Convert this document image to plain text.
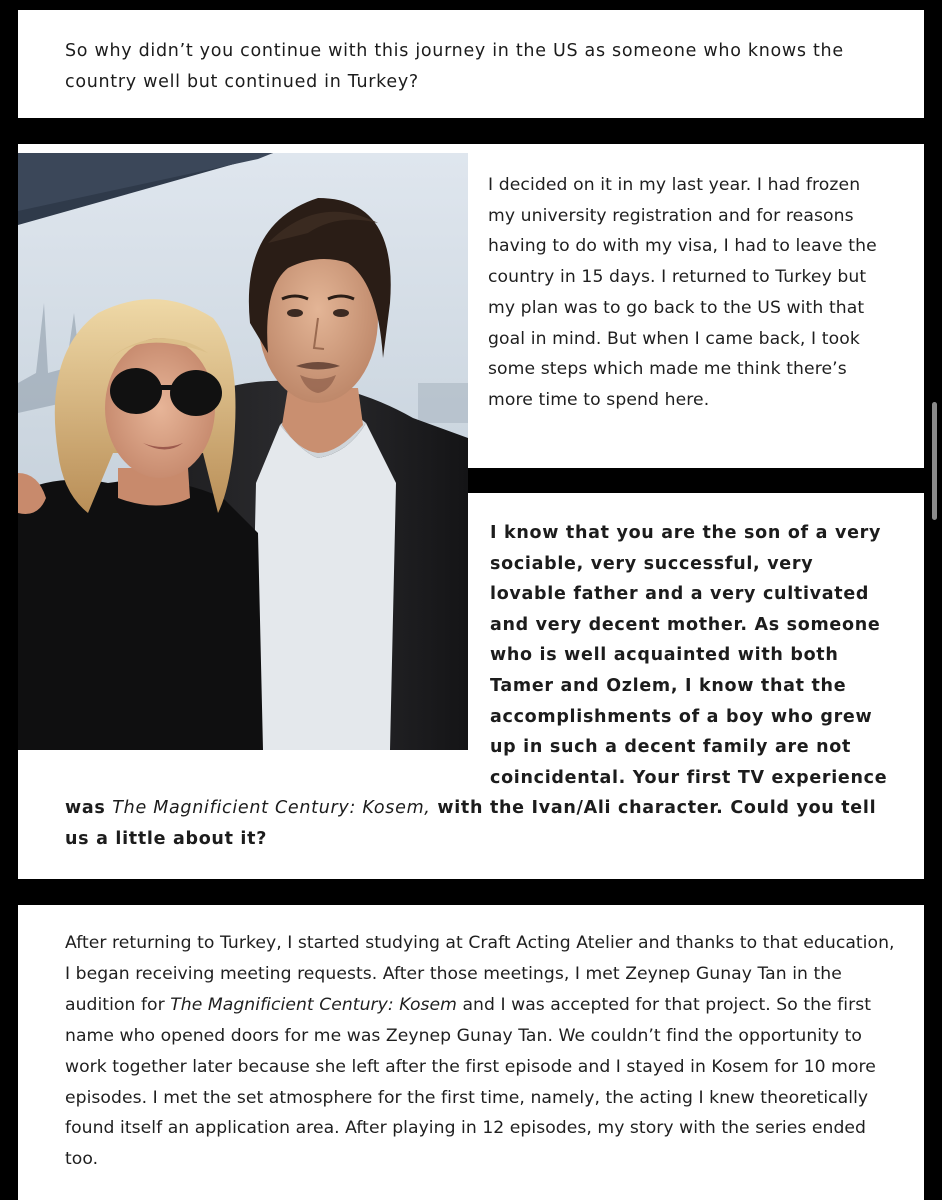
So why didn’t you continue with this journey in the US as someone who knows the country well but continued in Turkey?

I decided on it in my last year. I had frozen my university registration and for reasons having to do with my visa, I had to leave the country in 15 days. I returned to Turkey but my plan was to go back to the US with that goal in mind. But when I came back, I took some steps which made me think there’s more time to spend here.

I know that you are the son of a very sociable, very successful, very lovable father and a very cultivated and very decent mother. As someone who is well acquainted with both Tamer and Ozlem, I know that the accomplishments of a boy who grew up in such a decent family are not coincidental. Your first TV experience was The Magnificient Century: Kosem, with the Ivan/Ali character. Could you tell us a little about it?

After returning to Turkey, I started studying at Craft Acting Atelier and thanks to that education, I began receiving meeting requests. After those meetings, I met Zeynep Gunay Tan in the audition for The Magnificient Century: Kosem and I was accepted for that project. So the first name who opened doors for me was Zeynep Gunay Tan. We couldn’t find the opportunity to work together later because she left after the first episode and I stayed in Kosem for 10 more episodes. I met the set atmosphere for the first time, namely, the acting I knew theoretically found itself an application area. After playing in 12 episodes, my story with the series ended too.
